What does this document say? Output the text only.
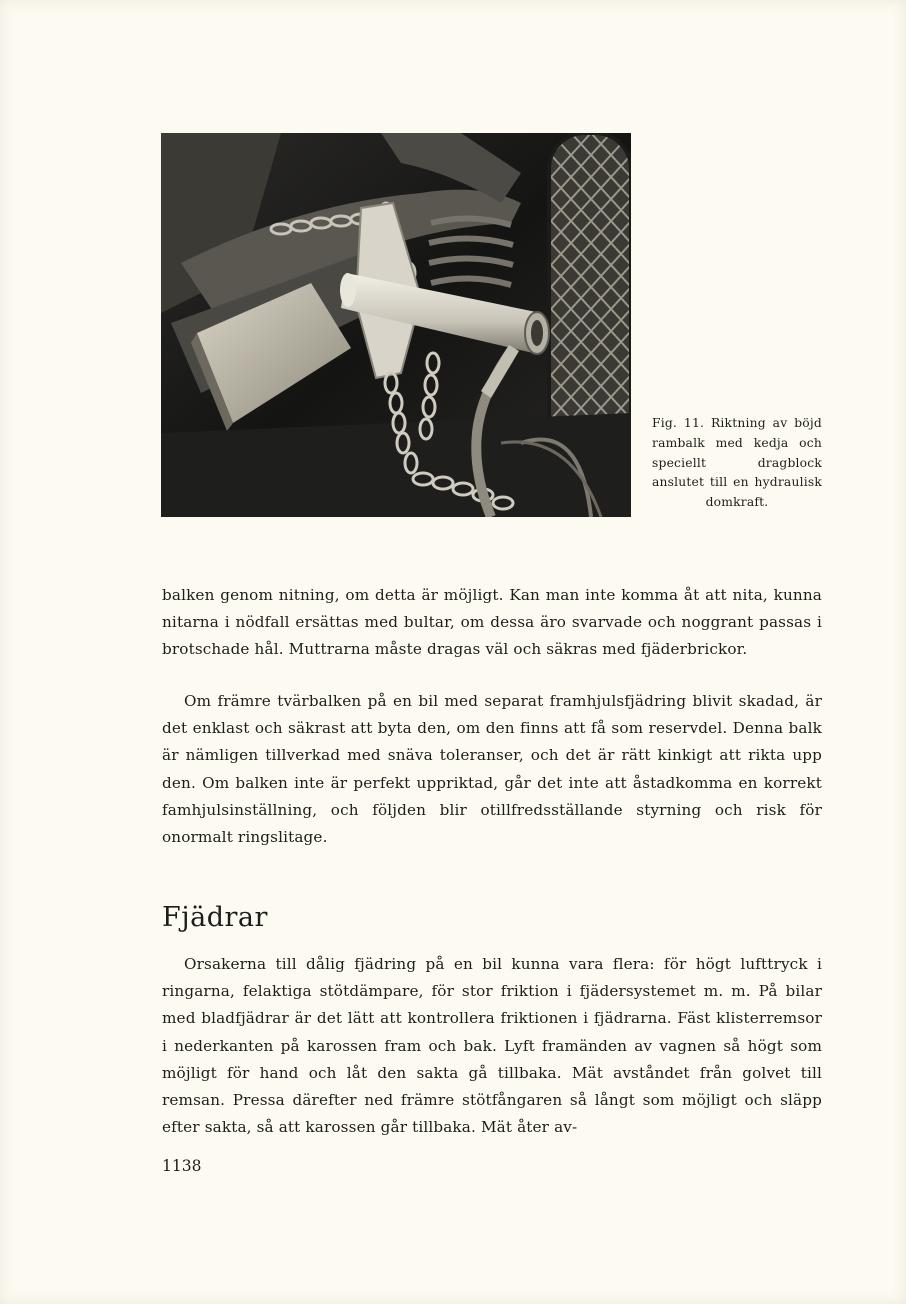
Fig. 11. Riktning av böjd rambalk med kedja och speciellt dragblock anslutet till en hydraulisk domkraft.

balken genom nitning, om detta är möjligt. Kan man inte komma åt att nita, kunna nitarna i nödfall ersättas med bultar, om dessa äro svarvade och noggrant passas i brotschade hål. Muttrarna måste dragas väl och säkras med fjäderbrickor.

Om främre tvärbalken på en bil med separat framhjulsfjädring blivit skadad, är det enklast och säkrast att byta den, om den finns att få som reservdel. Denna balk är nämligen tillverkad med snäva toleranser, och det är rätt kinkigt att rikta upp den. Om balken inte är perfekt uppriktad, går det inte att åstadkomma en korrekt famhjulsinställning, och följden blir otillfredsställande styrning och risk för onormalt ringslitage.

Fjädrar

Orsakerna till dålig fjädring på en bil kunna vara flera: för högt lufttryck i ringarna, felaktiga stötdämpare, för stor friktion i fjädersystemet m. m. På bilar med bladfjädrar är det lätt att kontrollera friktionen i fjädrarna. Fäst klisterremsor i nederkanten på karossen fram och bak. Lyft framänden av vagnen så högt som möjligt för hand och låt den sakta gå tillbaka. Mät avståndet från golvet till remsan. Pressa därefter ned främre stötfångaren så långt som möjligt och släpp efter sakta, så att karossen går tillbaka. Mät åter av-

1138
